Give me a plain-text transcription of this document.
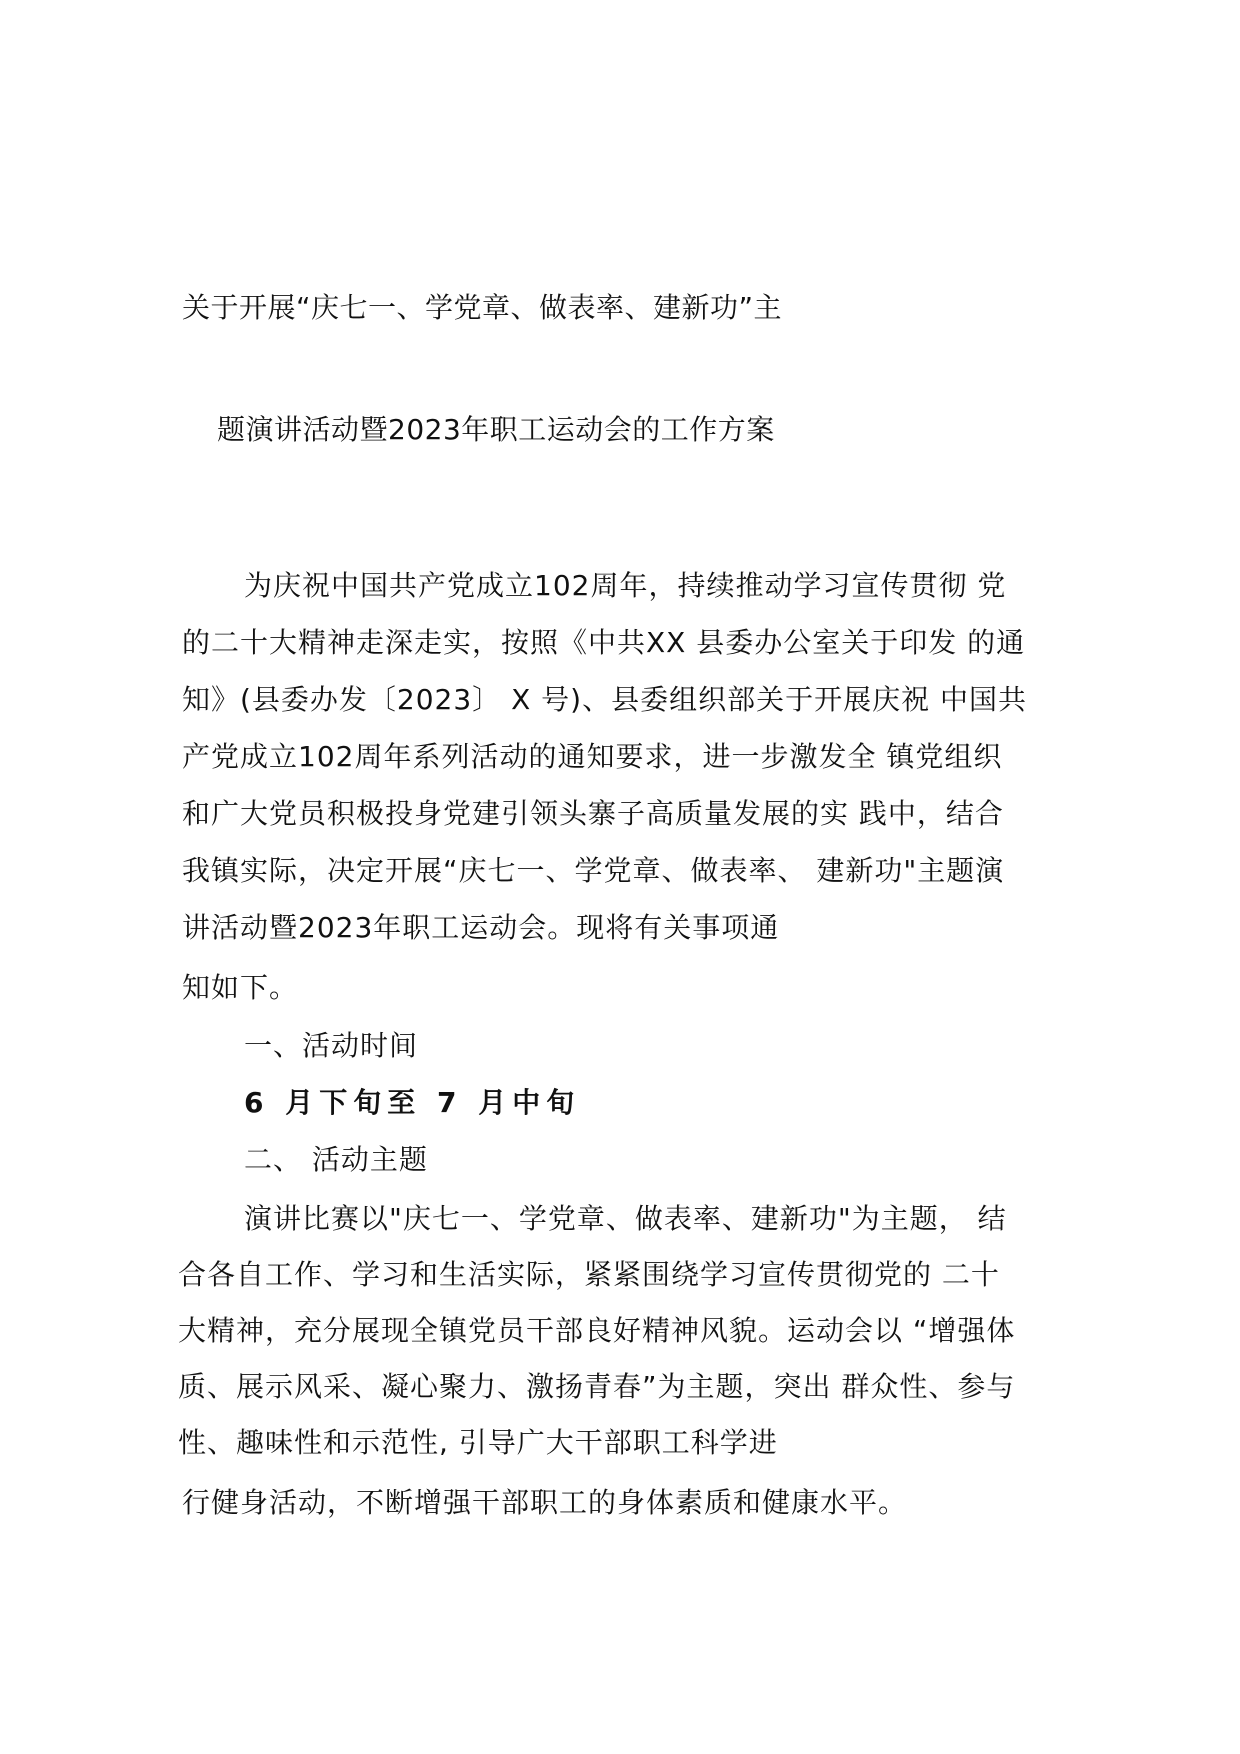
关于开展“庆七一、学党章、做表率、建新功”主
题演讲活动暨2023年职工运动会的工作方案
为庆祝中国共产党成立102周年，持续推动学习宣传贯彻 党
的二十大精神走深走实，按照《中共XX 县委办公室关于印发 的通
知》(县委办发〔2023〕 X 号)、县委组织部关于开展庆祝 中国共
产党成立102周年系列活动的通知要求，进一步激发全 镇党组织
和广大党员积极投身党建引领头寨子高质量发展的实 践中，结合
我镇实际，决定开展“庆七一、学党章、做表率、 建新功"主题演
讲活动暨2023年职工运动会。现将有关事项通
知如下。
一、活动时间
6 月下旬至 7 月中旬
二、 活动主题
演讲比赛以"庆七一、学党章、做表率、建新功"为主题， 结
合各自工作、学习和生活实际，紧紧围绕学习宣传贯彻党的 二十
大精神，充分展现全镇党员干部良好精神风貌。运动会以 “增强体
质、展示风采、凝心聚力、激扬青春”为主题，突出 群众性、参与
性、趣味性和示范性, 引导广大干部职工科学进
行健身活动，不断增强干部职工的身体素质和健康水平。
